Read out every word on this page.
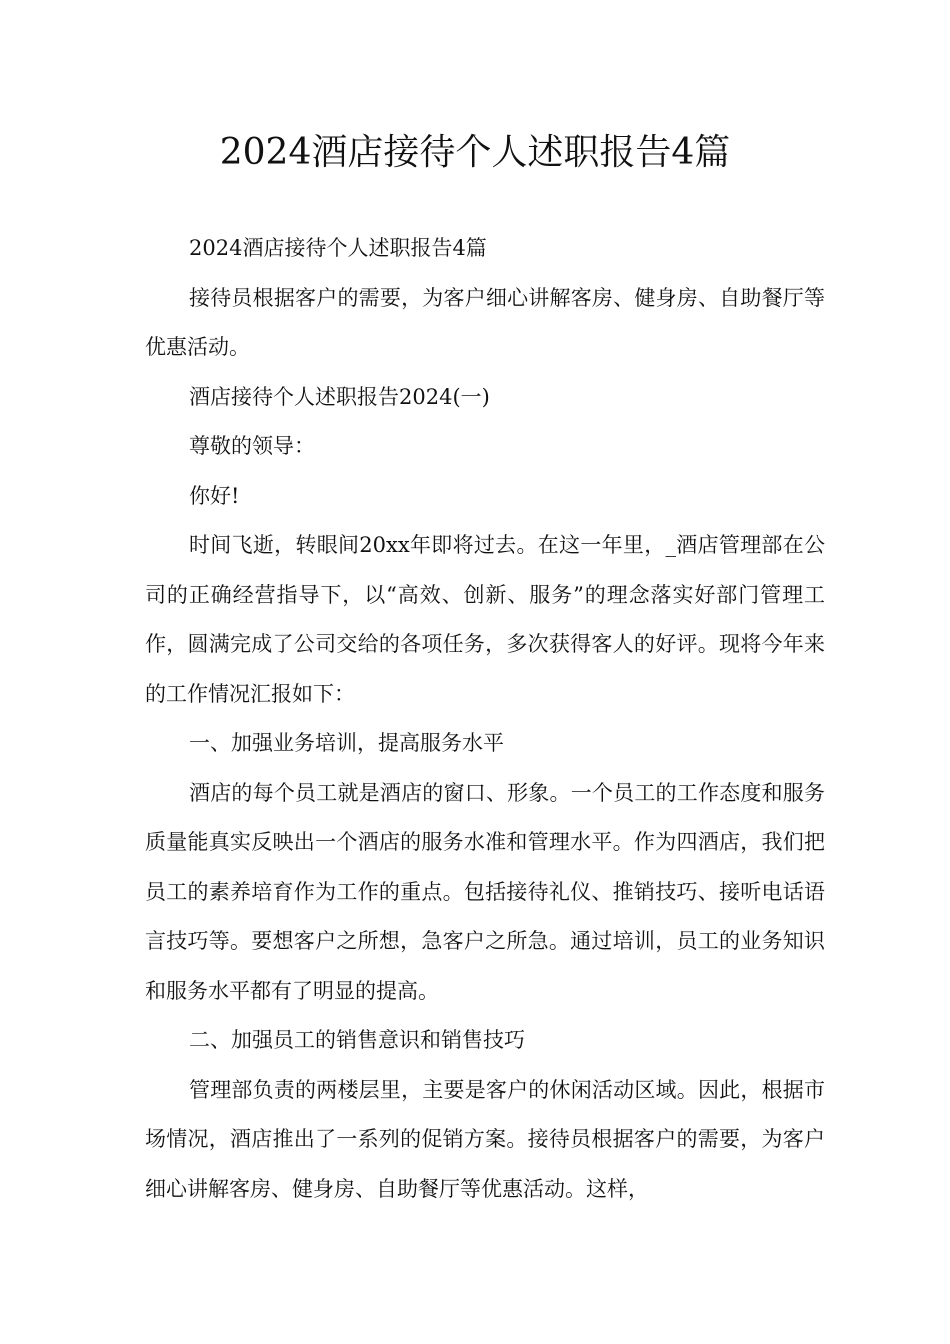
2024酒店接待个人述职报告4篇

2024酒店接待个人述职报告4篇

接待员根据客户的需要，为客户细心讲解客房、健身房、自助餐厅等优惠活动。

酒店接待个人述职报告2024(一)

尊敬的领导：

你好!

时间飞逝，转眼间20xx年即将过去。在这一年里，_酒店管理部在公司的正确经营指导下，以“高效、创新、服务”的理念落实好部门管理工作，圆满完成了公司交给的各项任务，多次获得客人的好评。现将今年来的工作情况汇报如下：

一、加强业务培训，提高服务水平

酒店的每个员工就是酒店的窗口、形象。一个员工的工作态度和服务质量能真实反映出一个酒店的服务水准和管理水平。作为四酒店，我们把员工的素养培育作为工作的重点。包括接待礼仪、推销技巧、接听电话语言技巧等。要想客户之所想，急客户之所急。通过培训，员工的业务知识和服务水平都有了明显的提高。

二、加强员工的销售意识和销售技巧

管理部负责的两楼层里，主要是客户的休闲活动区域。因此，根据市场情况，酒店推出了一系列的促销方案。接待员根据客户的需要，为客户细心讲解客房、健身房、自助餐厅等优惠活动。这样，
